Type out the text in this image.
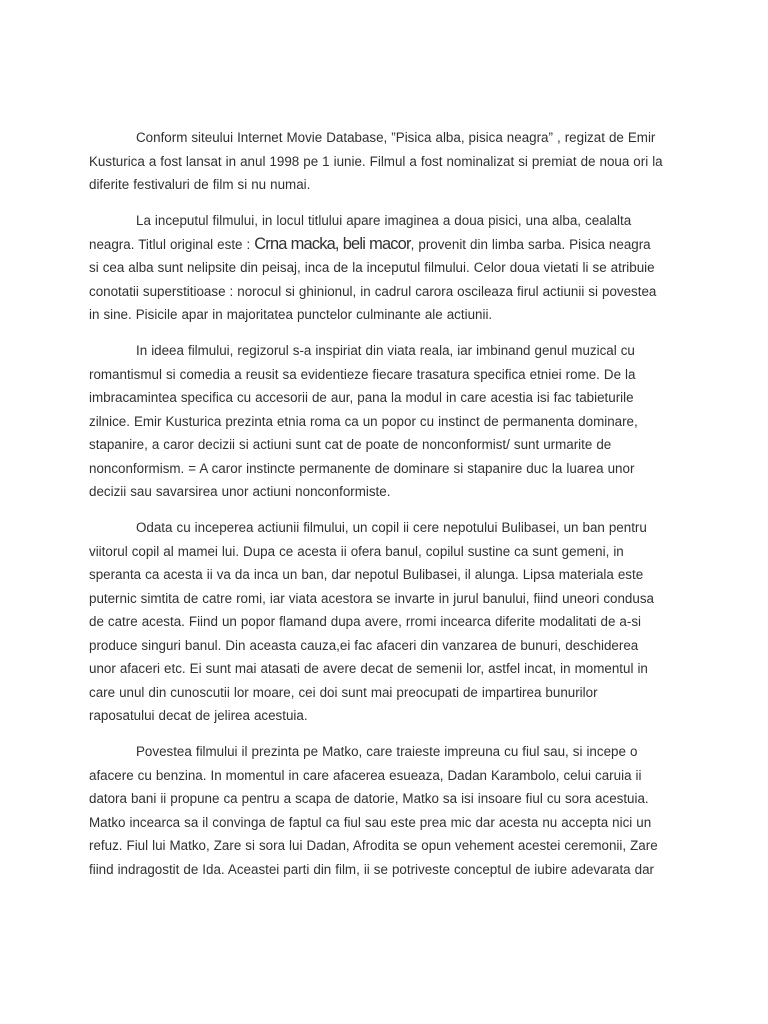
Conform siteului Internet Movie Database, ”Pisica alba, pisica neagra” , regizat de Emir Kusturica a fost lansat in anul 1998 pe 1 iunie. Filmul a fost nominalizat si premiat de noua ori la diferite festivaluri de film si nu numai.

La inceputul filmului, in locul titlului apare imaginea a doua pisici, una alba, cealalta neagra. Titlul original este : Crna macka, beli macor, provenit din limba sarba. Pisica neagra si cea alba sunt nelipsite din peisaj, inca de la inceputul filmului. Celor doua vietati li se atribuie conotatii superstitioase : norocul si ghinionul, in cadrul carora oscileaza firul actiunii si povestea in sine. Pisicile apar in majoritatea punctelor culminante ale actiunii.

In ideea filmului, regizorul s-a inspiriat din viata reala, iar imbinand genul muzical cu romantismul si comedia a reusit sa evidentieze fiecare trasatura specifica etniei rome. De la imbracamintea specifica cu accesorii de aur, pana la modul in care acestia isi fac tabieturile zilnice. Emir Kusturica prezinta etnia roma ca un popor cu instinct de permanenta dominare, stapanire, a caror decizii si actiuni sunt cat de poate de nonconformist/ sunt urmarite de nonconformism. = A caror instincte permanente de dominare si stapanire duc la luarea unor decizii sau savarsirea unor actiuni nonconformiste.

Odata cu inceperea actiunii filmului, un copil ii cere nepotului Bulibasei, un ban pentru viitorul copil al mamei lui. Dupa ce acesta ii ofera banul, copilul sustine ca sunt gemeni, in speranta ca acesta ii va da inca un ban, dar nepotul Bulibasei, il alunga. Lipsa materiala este puternic simtita de catre romi, iar viata acestora se invarte in jurul banului, fiind uneori condusa de catre acesta. Fiind un popor flamand dupa avere, rromi incearca diferite modalitati de a-si produce singuri banul. Din aceasta cauza,ei fac afaceri din vanzarea de bunuri, deschiderea unor afaceri etc. Ei sunt mai atasati de avere decat de semenii lor, astfel incat, in momentul in care unul din cunoscutii lor moare, cei doi sunt mai preocupati de impartirea bunurilor raposatului decat de jelirea acestuia.

Povestea filmului il prezinta pe Matko, care traieste impreuna cu fiul sau, si incepe o afacere cu benzina. In momentul in care afacerea esueaza, Dadan Karambolo, celui caruia ii datora bani ii propune ca pentru a scapa de datorie, Matko sa isi insoare fiul cu sora acestuia. Matko incearca sa il convinga de faptul ca fiul sau este prea mic dar acesta nu accepta nici un refuz. Fiul lui Matko, Zare si sora lui Dadan, Afrodita se opun vehement acestei ceremonii, Zare fiind indragostit de Ida. Aceastei parti din film, ii se potriveste conceptul de iubire adevarata dar
